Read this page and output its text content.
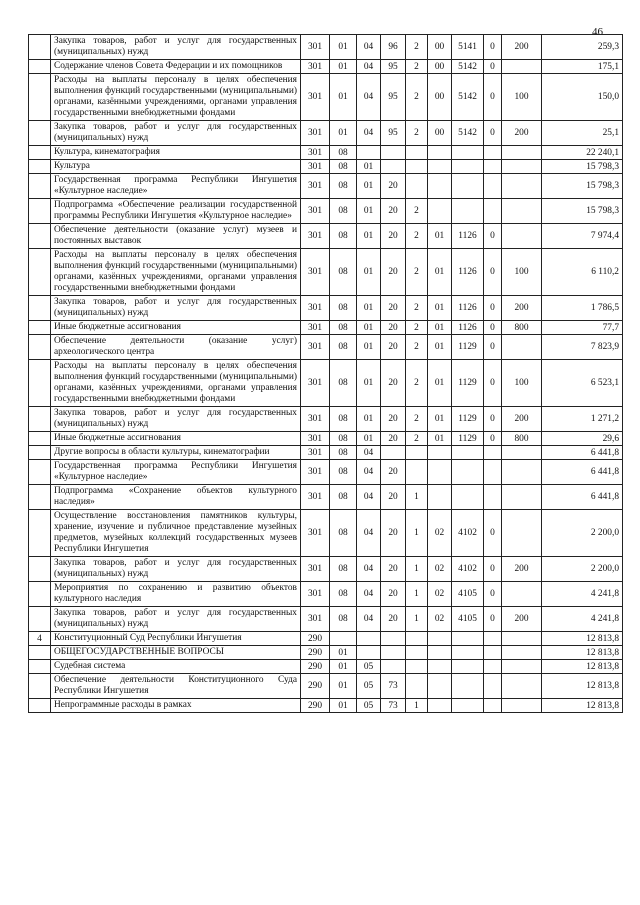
46
	Закупка товаров, работ и услуг для государственных (муниципальных) нужд	301	01	04	96	2	00	5141	0	200	259,3
	Содержание членов Совета Федерации и их помощников	301	01	04	95	2	00	5142	0		175,1
	Расходы на выплаты персоналу в целях обеспечения выполнения функций государственными (муниципальными) органами, казёнными учреждениями, органами управления государственными внебюджетными фондами	301	01	04	95	2	00	5142	0	100	150,0
	Закупка товаров, работ и услуг для государственных (муниципальных) нужд	301	01	04	95	2	00	5142	0	200	25,1
	Культура, кинематография	301	08								22 240,1
	Культура	301	08	01							15 798,3
	Государственная программа Республики Ингушетия «Культурное наследие»	301	08	01	20						15 798,3
	Подпрограмма «Обеспечение реализации государственной программы Республики Ингушетия «Культурное наследие»	301	08	01	20	2					15 798,3
	Обеспечение деятельности (оказание услуг) музеев и постоянных выставок	301	08	01	20	2	01	1126	0		7 974,4
	Расходы на выплаты персоналу в целях обеспечения выполнения функций государственными (муниципальными) органами, казённых учреждениями, органами управления государственными внебюджетными фондами	301	08	01	20	2	01	1126	0	100	6 110,2
	Закупка товаров, работ и услуг для государственных (муниципальных) нужд	301	08	01	20	2	01	1126	0	200	1 786,5
	Иные бюджетные ассигнования	301	08	01	20	2	01	1126	0	800	77,7
	Обеспечение деятельности (оказание услуг) археологического центра	301	08	01	20	2	01	1129	0		7 823,9
	Расходы на выплаты персоналу в целях обеспечения выполнения функций государственными (муниципальными) органами, казённых учреждениями, органами управления государственными внебюджетными фондами	301	08	01	20	2	01	1129	0	100	6 523,1
	Закупка товаров, работ и услуг для государственных (муниципальных) нужд	301	08	01	20	2	01	1129	0	200	1 271,2
	Иные бюджетные ассигнования	301	08	01	20	2	01	1129	0	800	29,6
	Другие вопросы в области культуры, кинематографии	301	08	04							6 441,8
	Государственная программа Республики Ингушетия «Культурное наследие»	301	08	04	20						6 441,8
	Подпрограмма «Сохранение объектов культурного наследия»	301	08	04	20	1					6 441,8
	Осуществление восстановления памятников культуры, хранение, изучение и публичное представление музейных предметов, музейных коллекций государственных музеев Республики Ингушетия	301	08	04	20	1	02	4102	0		2 200,0
	Закупка товаров, работ и услуг для государственных (муниципальных) нужд	301	08	04	20	1	02	4102	0	200	2 200,0
	Мероприятия по сохранению и развитию объектов культурного наследия	301	08	04	20	1	02	4105	0		4 241,8
	Закупка товаров, работ и услуг для государственных (муниципальных) нужд	301	08	04	20	1	02	4105	0	200	4 241,8
4	Конституционный Суд Республики Ингушетия	290									12 813,8
	ОБЩЕГОСУДАРСТВЕННЫЕ ВОПРОСЫ	290	01								12 813,8
	Судебная система	290	01	05							12 813,8
	Обеспечение деятельности Конституционного Суда Республики Ингушетия	290	01	05	73						12 813,8
	Непрограммные расходы в рамках	290	01	05	73	1					12 813,8
